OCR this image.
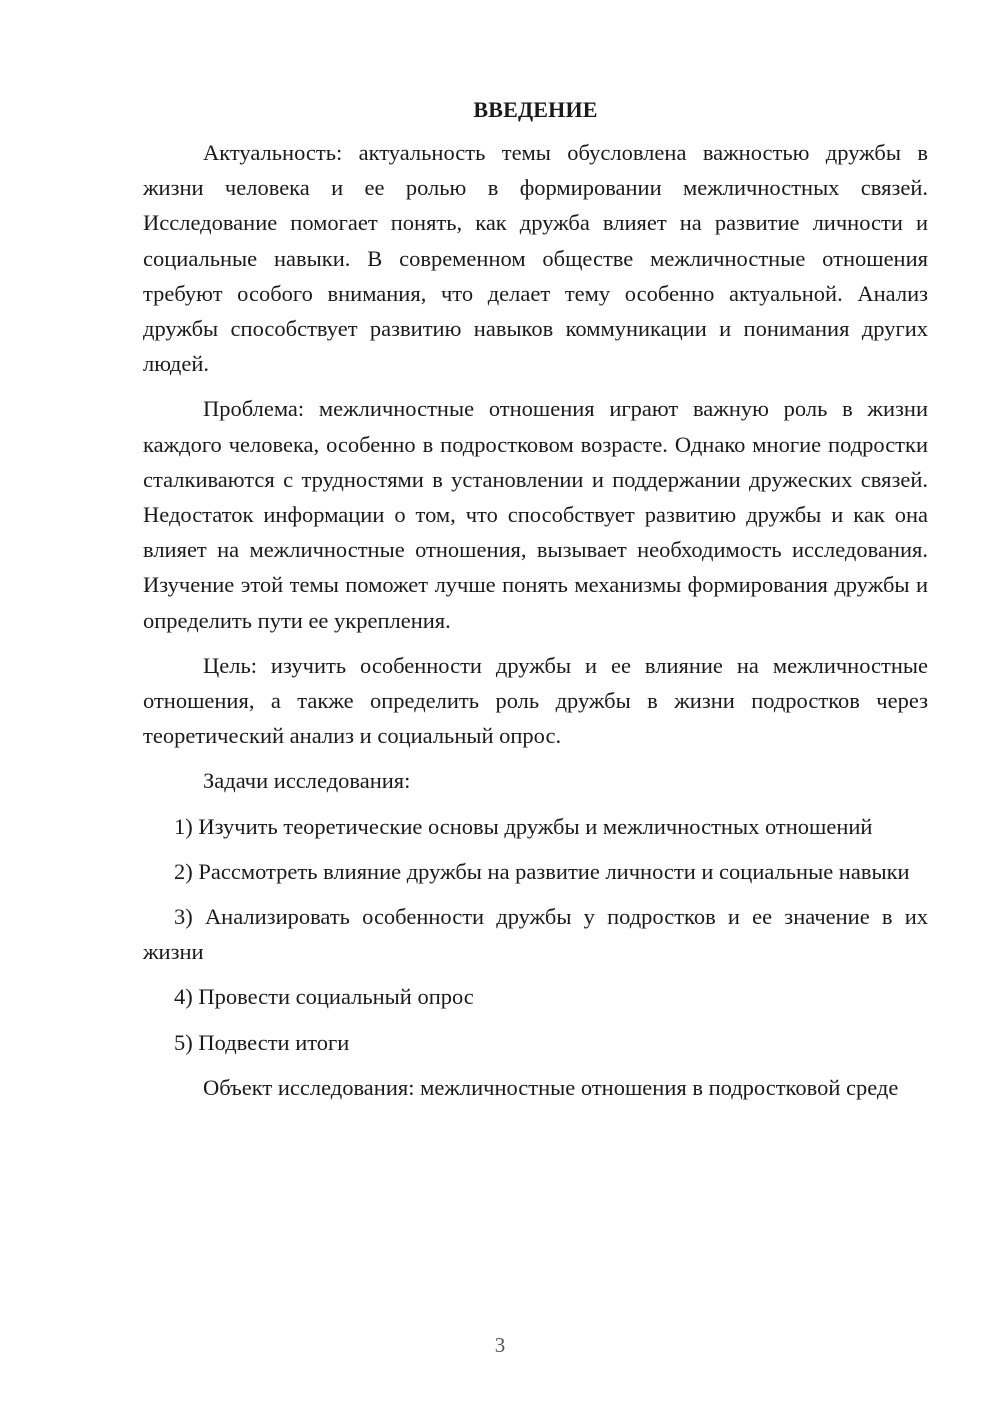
ВВЕДЕНИЕ

Актуальность: актуальность темы обусловлена важностью дружбы в жизни человека и ее ролью в формировании межличностных связей. Исследование помогает понять, как дружба влияет на развитие личности и социальные навыки. В современном обществе межличностные отношения требуют особого внимания, что делает тему особенно актуальной. Анализ дружбы способствует развитию навыков коммуникации и понимания других людей.

Проблема: межличностные отношения играют важную роль в жизни каждого человека, особенно в подростковом возрасте. Однако многие подростки сталкиваются с трудностями в установлении и поддержании дружеских связей. Недостаток информации о том, что способствует развитию дружбы и как она влияет на межличностные отношения, вызывает необходимость исследования. Изучение этой темы поможет лучше понять механизмы формирования дружбы и определить пути ее укрепления.

Цель: изучить особенности дружбы и ее влияние на межличностные отношения, а также определить роль дружбы в жизни подростков через теоретический анализ и социальный опрос.

Задачи исследования:

1) Изучить теоретические основы дружбы и межличностных отношений

2) Рассмотреть влияние дружбы на развитие личности и социальные навыки

3) Анализировать особенности дружбы у подростков и ее значение в их жизни

4) Провести социальный опрос

5) Подвести итоги

Объект исследования: межличностные отношения в подростковой среде

3
